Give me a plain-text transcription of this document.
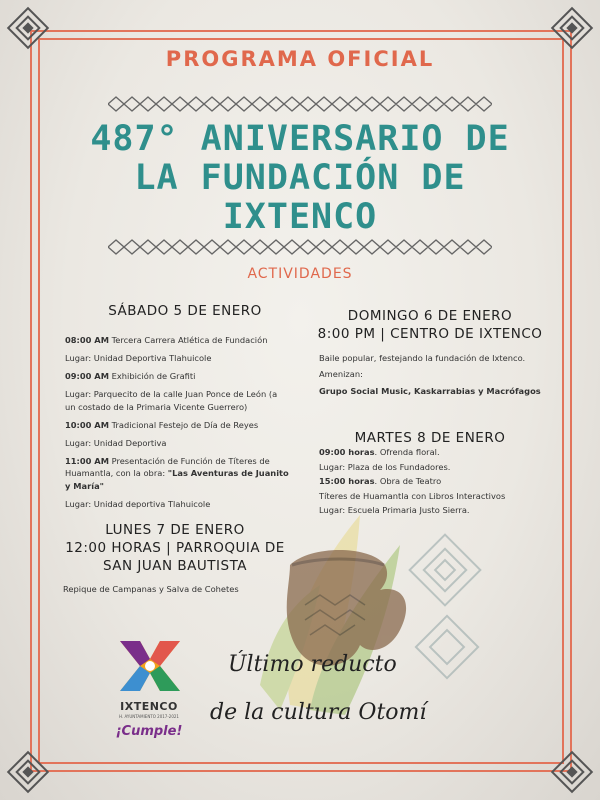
PROGRAMA OFICIAL
487° ANIVERSARIO DE
LA FUNDACIÓN DE
IXTENCO
ACTIVIDADES
SÁBADO 5 DE ENERO

08:00 AM Tercera Carrera Atlética de Fundación

Lugar: Unidad Deportiva Tlahuicole

09:00 AM Exhibición de Grafiti

Lugar: Parquecito de la calle Juan Ponce de León (a un costado de la Primaria Vicente Guerrero)

10:00 AM Tradicional Festejo de Día de Reyes

Lugar: Unidad Deportiva

11:00 AM Presentación de Función de Títeres de Huamantla, con la obra: "Las Aventuras de Juanito y María"

Lugar: Unidad deportiva Tlahuicole

LUNES 7 DE ENERO
12:00 HORAS | PARROQUIA DE
SAN JUAN BAUTISTA
Repique de Campanas y Salva de Cohetes
DOMINGO 6 DE ENERO
8:00 PM | CENTRO DE IXTENCO

Baile popular, festejando la fundación de Ixtenco.

Amenizan:

Grupo Social Music, Kaskarrabias y Macrófagos

MARTES 8 DE ENERO

09:00 horas. Ofrenda floral.

Lugar: Plaza de los Fundadores.

15:00 horas. Obra de Teatro

Títeres de Huamantla con Libros Interactivos

Lugar: Escuela Primaria Justo Sierra.

IXTENCO
H. AYUNTAMIENTO 2017-2021
¡Cumple!
Último reducto
de la cultura Otomí
